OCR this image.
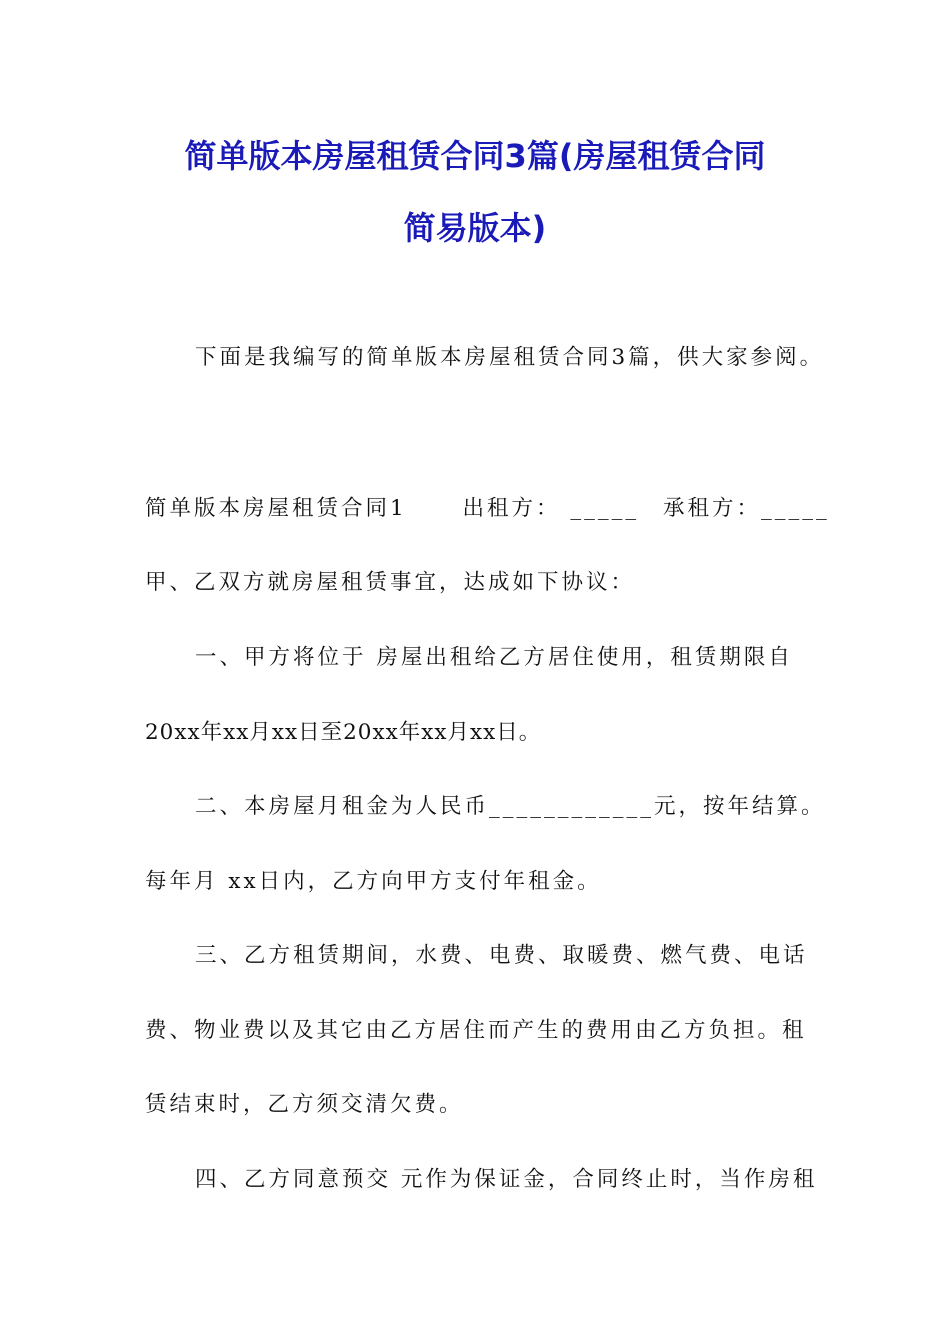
简单版本房屋租赁合同3篇(房屋租赁合同
简易版本)
下面是我编写的简单版本房屋租赁合同3篇，供大家参阅。
简单版本房屋租赁合同1	出租方： _____ 承租方：_____
甲、乙双方就房屋租赁事宜，达成如下协议：
一、甲方将位于 房屋出租给乙方居住使用，租赁期限自
20xx年xx月xx日至20xx年xx月xx日。
二、本房屋月租金为人民币____________元，按年结算。
每年月 xx日内，乙方向甲方支付年租金。
三、乙方租赁期间，水费、电费、取暖费、燃气费、电话
费、物业费以及其它由乙方居住而产生的费用由乙方负担。租
赁结束时，乙方须交清欠费。
四、乙方同意预交 元作为保证金，合同终止时，当作房租
